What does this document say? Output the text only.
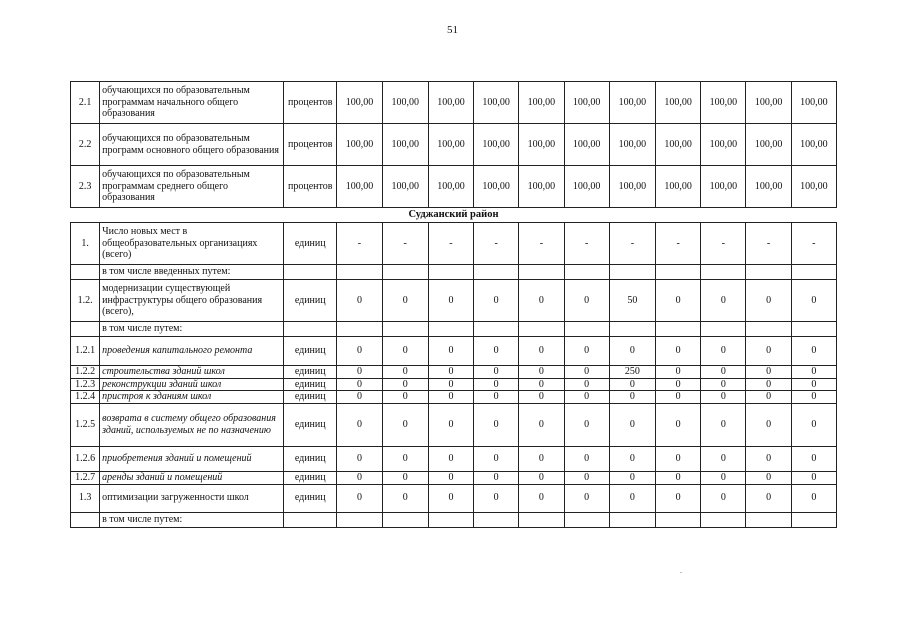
51
2.1	обучающихся по образовательным программам начального общего образования	процентов	100,00	100,00	100,00	100,00	100,00	100,00	100,00	100,00	100,00	100,00	100,00
2.2	обучающихся по образовательным программ основного общего образования	процентов	100,00	100,00	100,00	100,00	100,00	100,00	100,00	100,00	100,00	100,00	100,00
2.3	обучающихся по образовательным программам среднего общего образования	процентов	100,00	100,00	100,00	100,00	100,00	100,00	100,00	100,00	100,00	100,00	100,00
Суджанский район													
1.	Число новых мест в общеобразовательных организациях (всего)	единиц	-	-	-	-	-	-	-	-	-	-	-
	в том числе введенных путем:												
1.2.	модернизации существующей инфраструктуры общего образования (всего),	единиц	0	0	0	0	0	0	50	0	0	0	0
	в том числе путем:												
1.2.1	проведения капитального ремонта	единиц	0	0	0	0	0	0	0	0	0	0	0
1.2.2	строительства зданий школ	единиц	0	0	0	0	0	0	250	0	0	0	0
1.2.3	реконструкции зданий школ	единиц	0	0	0	0	0	0	0	0	0	0	0
1.2.4	пристроя к зданиям школ	единиц	0	0	0	0	0	0	0	0	0	0	0
1.2.5	возврата в систему общего образования зданий, используемых не по назначению	единиц	0	0	0	0	0	0	0	0	0	0	0
1.2.6	приобретения зданий и помещений	единиц	0	0	0	0	0	0	0	0	0	0	0
1.2.7	аренды зданий и помещений	единиц	0	0	0	0	0	0	0	0	0	0	0
1.3	оптимизации загруженности школ	единиц	0	0	0	0	0	0	0	0	0	0	0
	в том числе путем:												
